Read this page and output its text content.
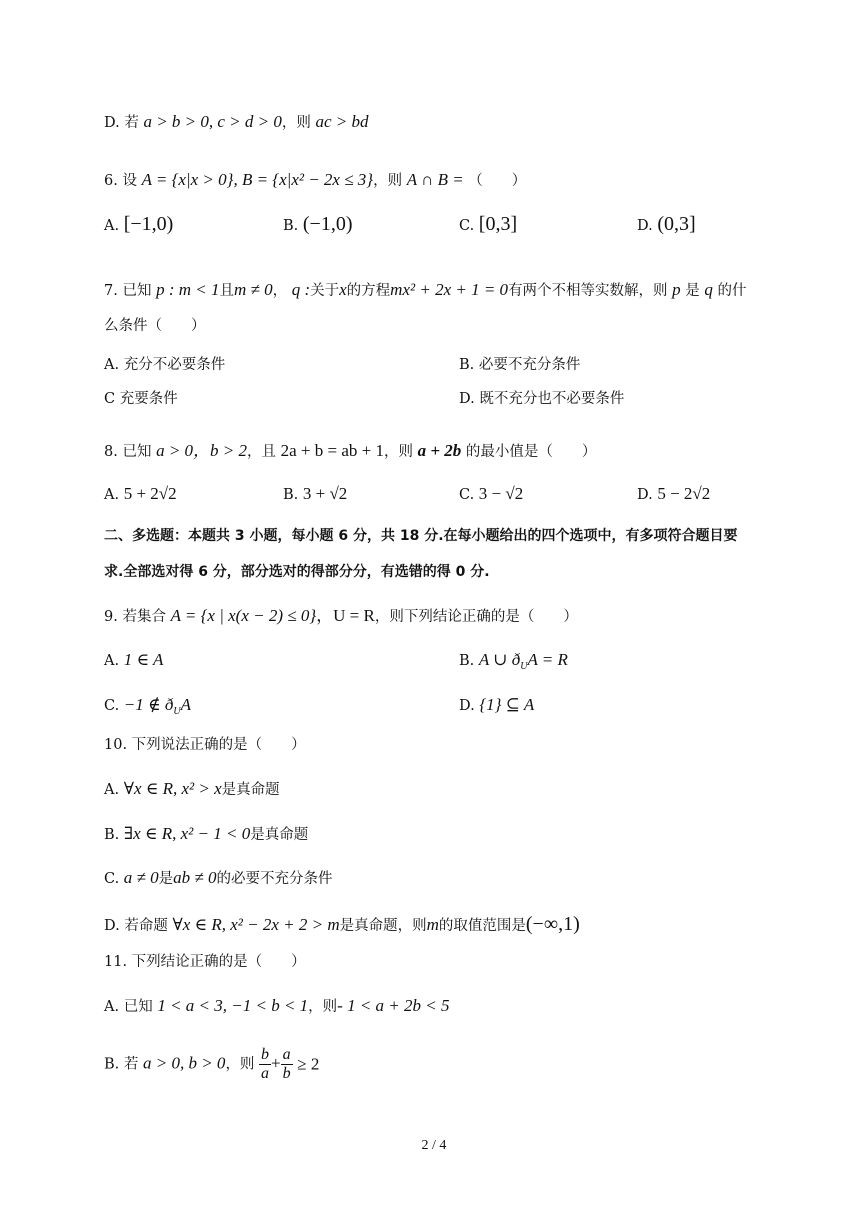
D. 若 a > b > 0, c > d > 0，则 ac > bd
6. 设 A = {x|x > 0}, B = {x|x² − 2x ≤ 3}，则 A ∩ B = （　　）
A. [−1,0)	B. (−1,0)	C. [0,3]	D. (0,3]
7. 已知 p : m < 1且m ≠ 0， q :关于x的方程mx² + 2x + 1 = 0有两个不相等实数解，则 p 是 q 的什
么条件（　　）
A. 充分不必要条件	B. 必要不充分条件
C 充要条件	D. 既不充分也不必要条件
8. 已知 a > 0，b > 2，且 2a + b = ab + 1，则 a + 2b 的最小值是（　　）
A. 5 + 2√2	B. 3 + √2	C. 3 − √2	D. 5 − 2√2
二、多选题：本题共 3 小题，每小题 6 分，共 18 分.在每小题给出的四个选项中，有多项符合题目要
求.全部选对得 6 分，部分选对的得部分分，有选错的得 0 分.
9. 若集合 A = {x | x(x − 2) ≤ 0}，U = R，则下列结论正确的是（　　）
A. 1 ∈ A	B. A ∪ $ð_UA = R$
C. −1 ∉ $ð_UA$	D. {1} ⊆ A
10. 下列说法正确的是（　　）
A. ∀x ∈ R, x² > x是真命题
B. ∃x ∈ R, x² − 1 < 0是真命题
C. a ≠ 0是ab ≠ 0的必要不充分条件
D. 若命题 ∀x ∈ R, x² − 2x + 2 > m是真命题，则m的取值范围是(−∞,1)
11. 下列结论正确的是（　　）
A. 已知 1 < a < 3, −1 < b < 1，则- 1 < a + 2b < 5
B. 若 a > 0, b > 0，则 $\frac{b}{a} + \frac{a}{b} \ge 2$
2 / 4
